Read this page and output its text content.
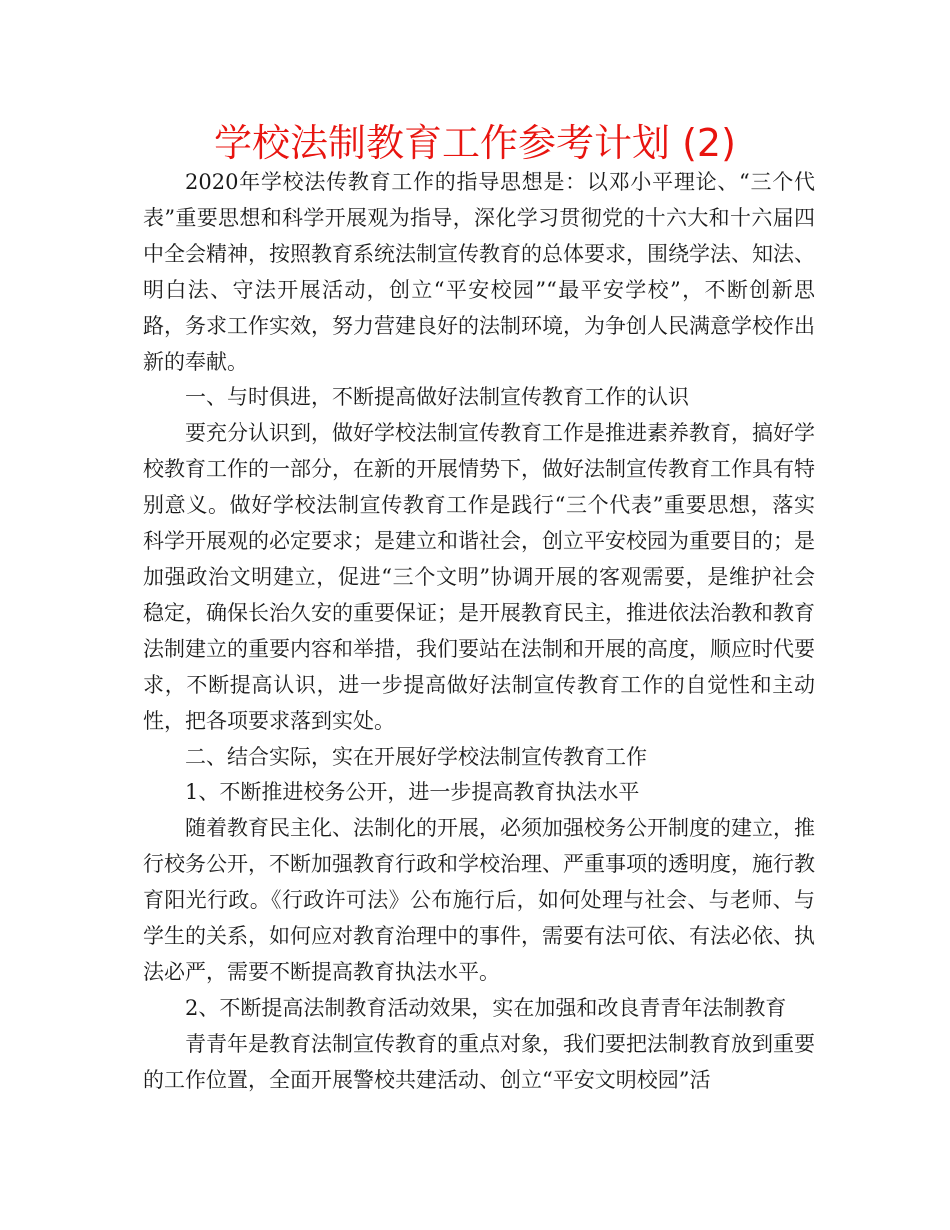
学校法制教育工作参考计划 (2)

2020年学校法传教育工作的指导思想是：以邓小平理论、“三个代表”重要思想和科学开展观为指导，深化学习贯彻党的十六大和十六届四中全会精神，按照教育系统法制宣传教育的总体要求，围绕学法、知法、明白法、守法开展活动，创立“平安校园”“最平安学校”，不断创新思路，务求工作实效，努力营建良好的法制环境，为争创人民满意学校作出新的奉献。

一、与时俱进，不断提高做好法制宣传教育工作的认识

要充分认识到，做好学校法制宣传教育工作是推进素养教育，搞好学校教育工作的一部分，在新的开展情势下，做好法制宣传教育工作具有特别意义。做好学校法制宣传教育工作是践行“三个代表”重要思想，落实科学开展观的必定要求；是建立和谐社会，创立平安校园为重要目的；是加强政治文明建立，促进“三个文明”协调开展的客观需要，是维护社会稳定，确保长治久安的重要保证；是开展教育民主，推进依法治教和教育法制建立的重要内容和举措，我们要站在法制和开展的高度，顺应时代要求，不断提高认识，进一步提高做好法制宣传教育工作的自觉性和主动性，把各项要求落到实处。

二、结合实际，实在开展好学校法制宣传教育工作

1、不断推进校务公开，进一步提高教育执法水平

随着教育民主化、法制化的开展，必须加强校务公开制度的建立，推行校务公开，不断加强教育行政和学校治理、严重事项的透明度，施行教育阳光行政。《行政许可法》公布施行后，如何处理与社会、与老师、与学生的关系，如何应对教育治理中的事件，需要有法可依、有法必依、执法必严，需要不断提高教育执法水平。

2、不断提高法制教育活动效果，实在加强和改良青青年法制教育

青青年是教育法制宣传教育的重点对象，我们要把法制教育放到重要的工作位置，全面开展警校共建活动、创立“平安文明校园”活
